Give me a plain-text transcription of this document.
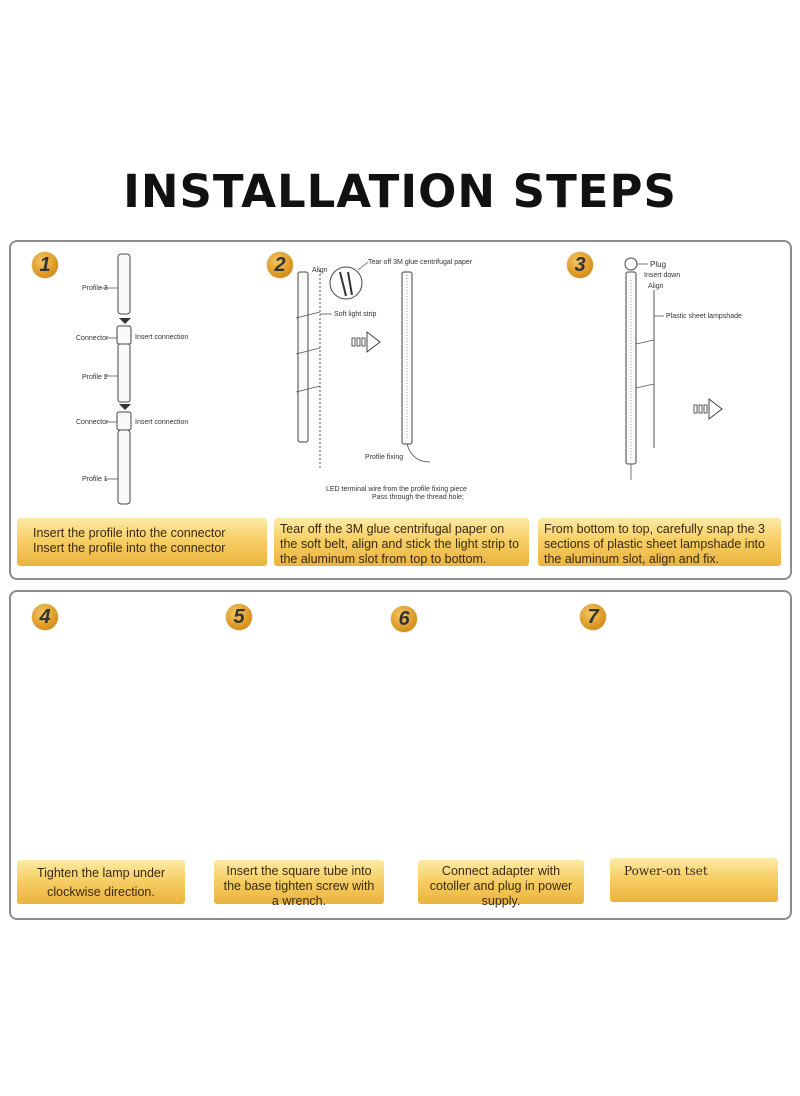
INSTALLATION STEPS
1	2	3
Profile 3
Connector	Insert connection
Profile 2
Connector	Insert connection
Profile 1
Align
Tear off 3M glue centrifugal paper
Soft light strip
Profile fixing
LED terminal wire from the profile fixing piece
Pass through the thread hole;
Plug
Insert down
Align
Plastic sheet lampshade
Insert the profile into the connector
Insert the profile into the connector
Tear off the 3M glue centrifugal paper on the soft belt, align and stick the light strip to the aluminum slot from top to bottom.
From bottom to top, carefully snap the 3 sections of plastic sheet lampshade into the aluminum slot, align and fix.
4	5	6	7
Tighten the lamp under
clockwise direction.
Insert the square tube into the base tighten screw with a wrench.
Connect adapter with cotoller and plug in power supply.
Power-on tset
